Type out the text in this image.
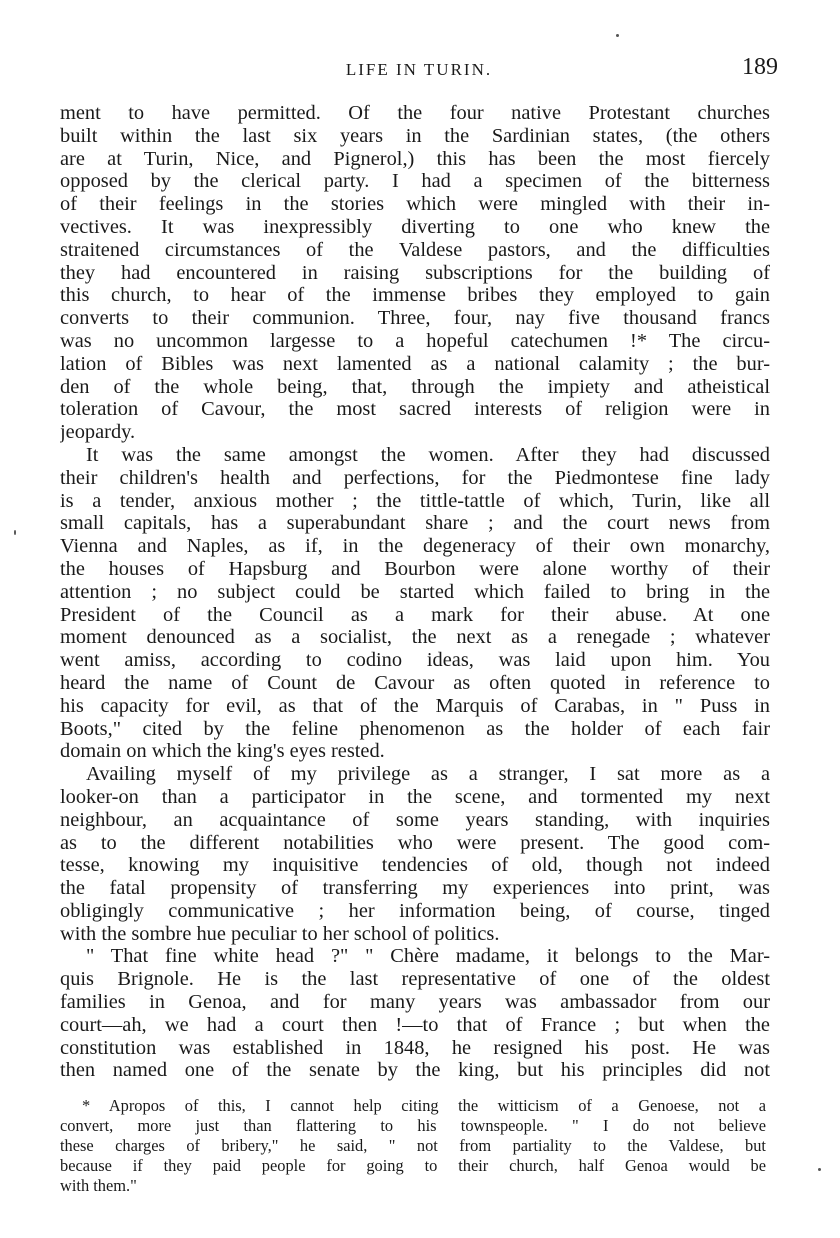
LIFE IN TURIN.	189
ment to have permitted. Of the four native Protestant churches
built within the last six years in the Sardinian states, (the others
are at Turin, Nice, and Pignerol,) this has been the most fiercely
opposed by the clerical party. I had a specimen of the bitterness
of their feelings in the stories which were mingled with their in-
vectives. It was inexpressibly diverting to one who knew the
straitened circumstances of the Valdese pastors, and the difficulties
they had encountered in raising subscriptions for the building of
this church, to hear of the immense bribes they employed to gain
converts to their communion. Three, four, nay five thousand francs
was no uncommon largesse to a hopeful catechumen !* The circu-
lation of Bibles was next lamented as a national calamity ; the bur-
den of the whole being, that, through the impiety and atheistical
toleration of Cavour, the most sacred interests of religion were in
jeopardy.
It was the same amongst the women. After they had discussed
their children's health and perfections, for the Piedmontese fine lady
is a tender, anxious mother ; the tittle-tattle of which, Turin, like all
small capitals, has a superabundant share ; and the court news from
Vienna and Naples, as if, in the degeneracy of their own monarchy,
the houses of Hapsburg and Bourbon were alone worthy of their
attention ; no subject could be started which failed to bring in the
President of the Council as a mark for their abuse. At one
moment denounced as a socialist, the next as a renegade ; whatever
went amiss, according to codino ideas, was laid upon him. You
heard the name of Count de Cavour as often quoted in reference to
his capacity for evil, as that of the Marquis of Carabas, in " Puss in
Boots," cited by the feline phenomenon as the holder of each fair
domain on which the king's eyes rested.
Availing myself of my privilege as a stranger, I sat more as a
looker-on than a participator in the scene, and tormented my next
neighbour, an acquaintance of some years standing, with inquiries
as to the different notabilities who were present. The good com-
tesse, knowing my inquisitive tendencies of old, though not indeed
the fatal propensity of transferring my experiences into print, was
obligingly communicative ; her information being, of course, tinged
with the sombre hue peculiar to her school of politics.
" That fine white head ?" " Chère madame, it belongs to the Mar-
quis Brignole. He is the last representative of one of the oldest
families in Genoa, and for many years was ambassador from our
court—ah, we had a court then !—to that of France ; but when the
constitution was established in 1848, he resigned his post. He was
then named one of the senate by the king, but his principles did not
* Apropos of this, I cannot help citing the witticism of a Genoese, not a
convert, more just than flattering to his townspeople. " I do not believe
these charges of bribery," he said, " not from partiality to the Valdese, but
because if they paid people for going to their church, half Genoa would be
with them."
